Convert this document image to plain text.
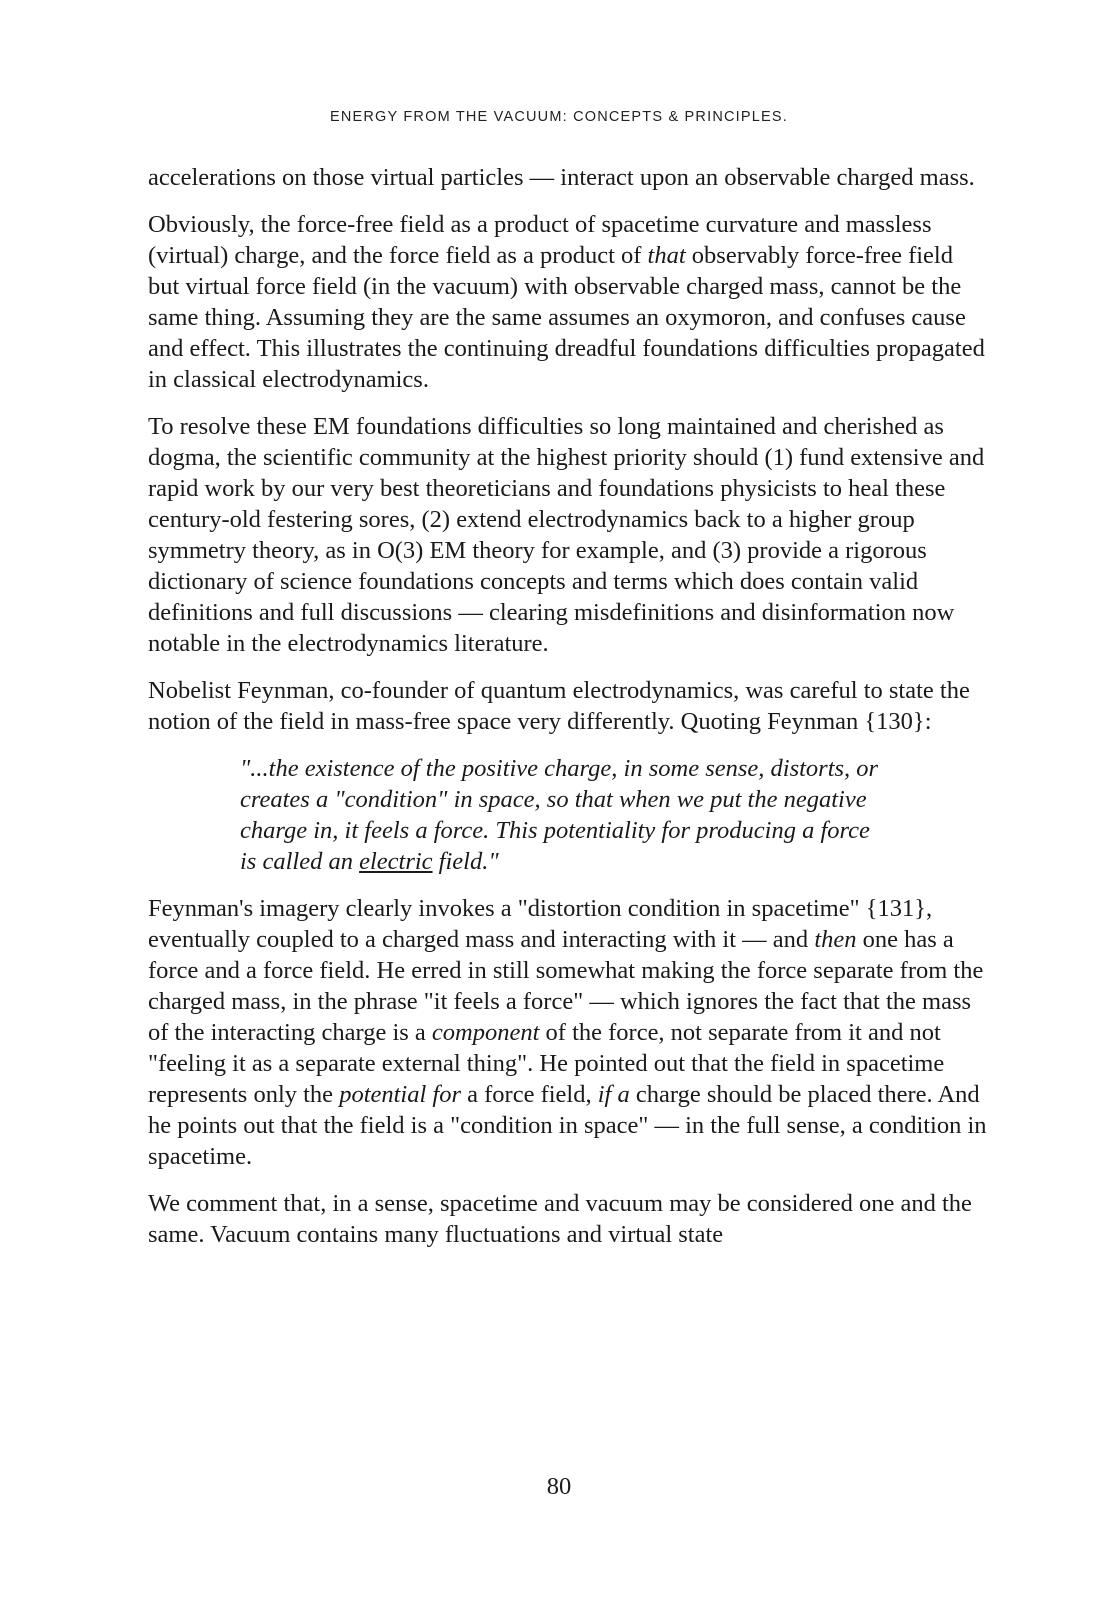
ENERGY FROM THE VACUUM: CONCEPTS & PRINCIPLES.

accelerations on those virtual particles — interact upon an observable charged mass.

Obviously, the force-free field as a product of spacetime curvature and massless (virtual) charge, and the force field as a product of that observably force-free field but virtual force field (in the vacuum) with observable charged mass, cannot be the same thing. Assuming they are the same assumes an oxymoron, and confuses cause and effect. This illustrates the continuing dreadful foundations difficulties propagated in classical electrodynamics.

To resolve these EM foundations difficulties so long maintained and cherished as dogma, the scientific community at the highest priority should (1) fund extensive and rapid work by our very best theoreticians and foundations physicists to heal these century-old festering sores, (2) extend electrodynamics back to a higher group symmetry theory, as in O(3) EM theory for example, and (3) provide a rigorous dictionary of science foundations concepts and terms which does contain valid definitions and full discussions — clearing misdefinitions and disinformation now notable in the electrodynamics literature.

Nobelist Feynman, co-founder of quantum electrodynamics, was careful to state the notion of the field in mass-free space very differently. Quoting Feynman {130}:

"...the existence of the positive charge, in some sense, distorts, or creates a "condition" in space, so that when we put the negative charge in, it feels a force. This potentiality for producing a force is called an electric field."

Feynman's imagery clearly invokes a "distortion condition in spacetime" {131}, eventually coupled to a charged mass and interacting with it — and then one has a force and a force field. He erred in still somewhat making the force separate from the charged mass, in the phrase "it feels a force" — which ignores the fact that the mass of the interacting charge is a component of the force, not separate from it and not "feeling it as a separate external thing". He pointed out that the field in spacetime represents only the potential for a force field, if a charge should be placed there. And he points out that the field is a "condition in space" — in the full sense, a condition in spacetime.

We comment that, in a sense, spacetime and vacuum may be considered one and the same. Vacuum contains many fluctuations and virtual state

80
